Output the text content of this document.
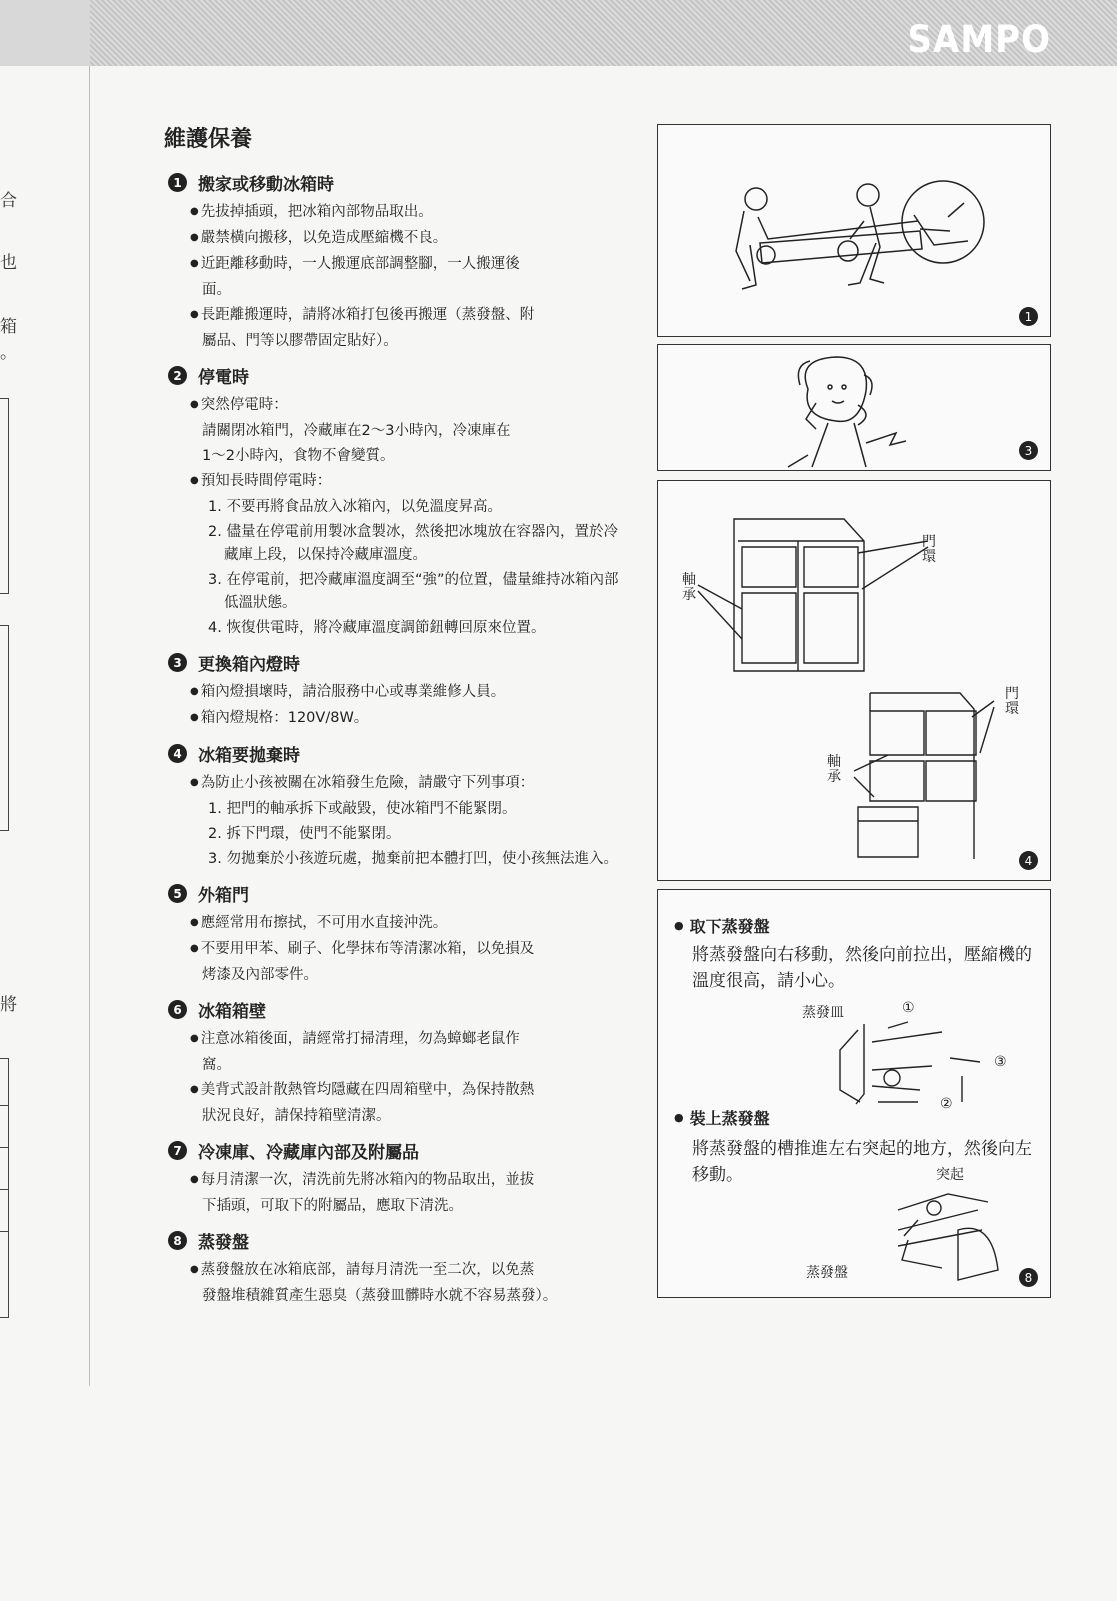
SAMPO
合
也
箱
。
將
維護保養
1 搬家或移動冰箱時

● 先拔掉插頭，把冰箱內部物品取出。

● 嚴禁橫向搬移，以免造成壓縮機不良。

● 近距離移動時，一人搬運底部調整腳，一人搬運後

面。

● 長距離搬運時，請將冰箱打包後再搬運（蒸發盤、附

屬品、門等以膠帶固定貼好）。

2 停電時

● 突然停電時：

請關閉冰箱門，冷藏庫在2～3小時內，冷凍庫在

1～2小時內，食物不會變質。

● 預知長時間停電時：

1. 不要再將食品放入冰箱內，以免溫度昇高。

2. 儘量在停電前用製冰盒製冰，然後把冰塊放在容器內，置於冷藏庫上段，以保持冷藏庫溫度。

3. 在停電前，把冷藏庫溫度調至“強”的位置，儘量維持冰箱內部低溫狀態。

4. 恢復供電時，將冷藏庫溫度調節鈕轉回原來位置。

3 更換箱內燈時

● 箱內燈損壞時，請洽服務中心或專業維修人員。

● 箱內燈規格：120V/8W。

4 冰箱要拋棄時

● 為防止小孩被關在冰箱發生危險，請嚴守下列事項：

1. 把門的軸承拆下或敲毀，使冰箱門不能緊閉。

2. 拆下門環，使門不能緊閉。

3. 勿拋棄於小孩遊玩處，拋棄前把本體打凹，使小孩無法進入。

5 外箱門

● 應經常用布擦拭，不可用水直接沖洗。

● 不要用甲苯、刷子、化學抹布等清潔冰箱，以免損及

烤漆及內部零件。

6 冰箱箱壁

● 注意冰箱後面，請經常打掃清理，勿為蟑螂老鼠作

窩。

● 美背式設計散熱管均隱藏在四周箱壁中，為保持散熱

狀況良好，請保持箱壁清潔。

7 冷凍庫、冷藏庫內部及附屬品

● 每月清潔一次，清洗前先將冰箱內的物品取出，並拔

下插頭，可取下的附屬品，應取下清洗。

8 蒸發盤

● 蒸發盤放在冰箱底部，請每月清洗一至二次，以免蒸

發盤堆積雜質產生惡臭（蒸發皿髒時水就不容易蒸發）。

1
3
門環
軸承
門環
軸承
4
● 取下蒸發盤
將蒸發盤向右移動，然後向前拉出，壓縮機的溫度很高，請小心。
蒸發皿	①
②
③
● 裝上蒸發盤
將蒸發盤的槽推進左右突起的地方，然後向左移動。	突起
蒸發盤	8
